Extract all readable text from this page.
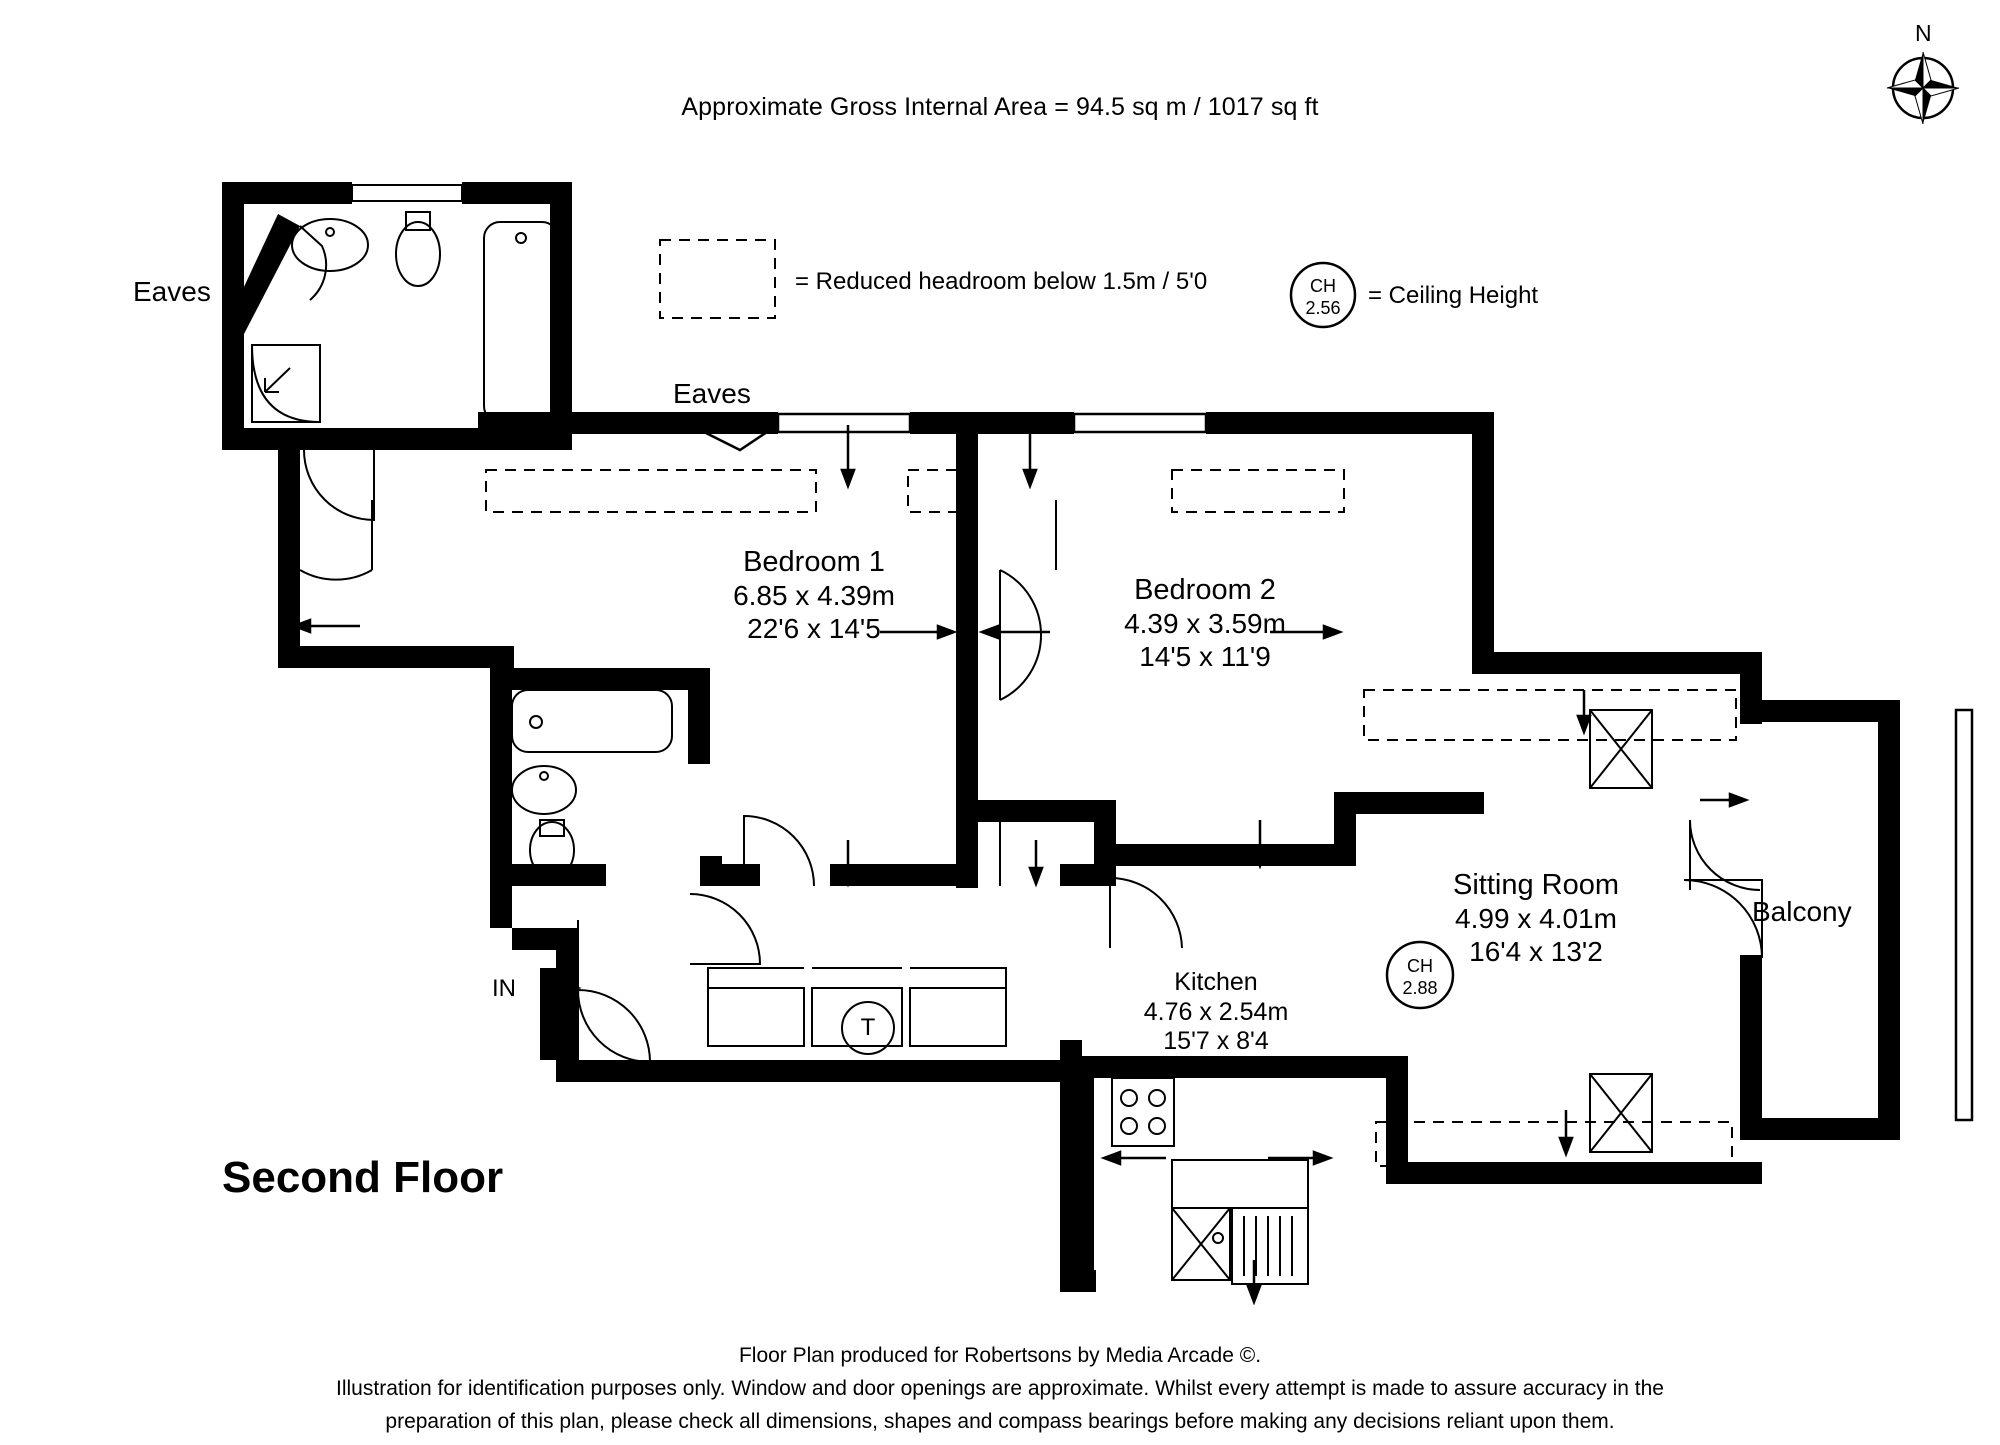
Approximate Gross Internal Area = 94.5 sq m / 1017 sq ft
= Reduced headroom below 1.5m / 5'0	CH
2.56 = Ceiling Height
N
Eaves
Eaves
Bedroom 1
6.85 x 4.39m
22'6 x 14'5
Bedroom 2
4.39 x 3.59m
14'5 x 11'9
Sitting Room
4.99 x 4.01m
16'4 x 13'2
Kitchen
4.76 x 2.54m
15'7 x 8'4
Balcony
CH
2.88
T
IN
Second Floor
Floor Plan produced for Robertsons by Media Arcade ©.
Illustration for identification purposes only. Window and door openings are approximate. Whilst every attempt is made to assure accuracy in the
preparation of this plan, please check all dimensions, shapes and compass bearings before making any decisions reliant upon them.
